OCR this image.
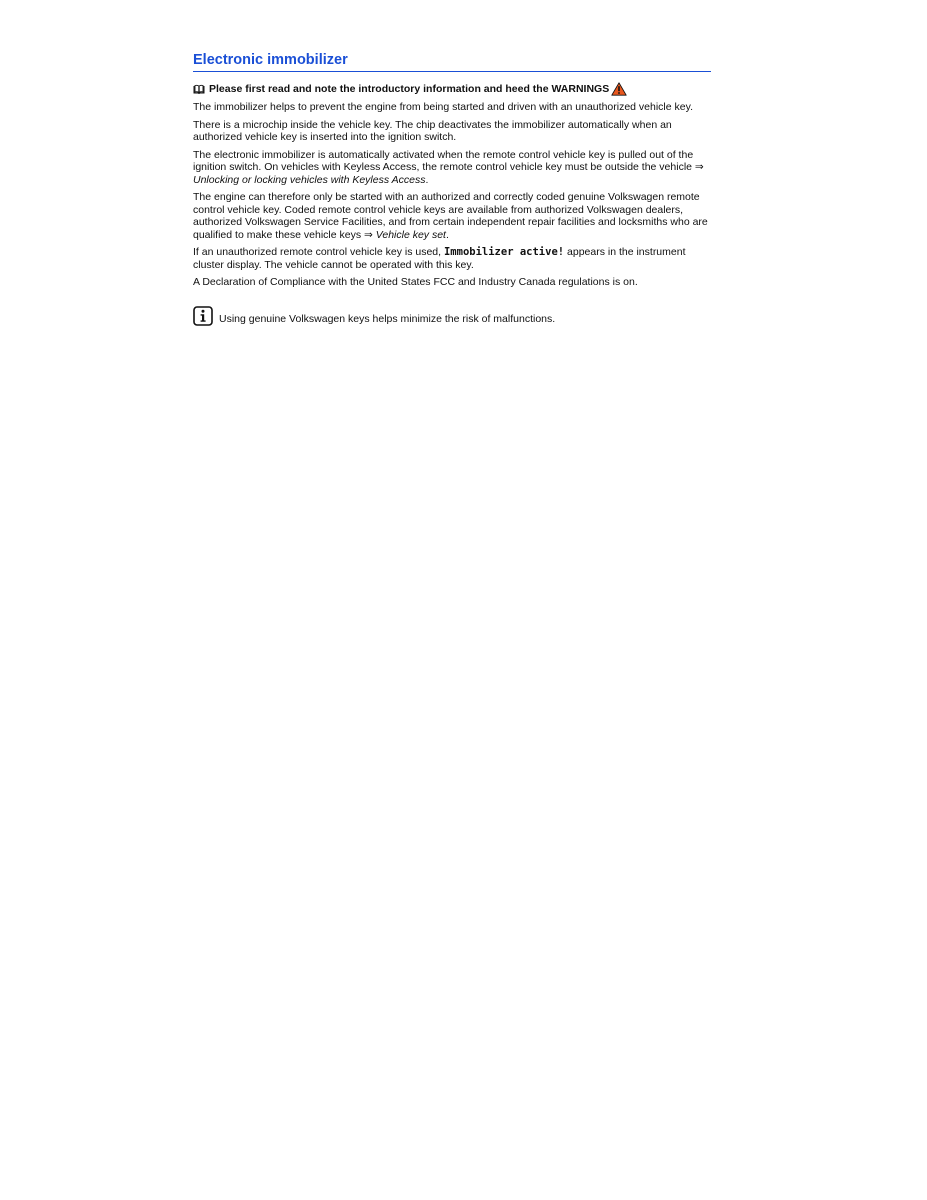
Electronic immobilizer
Please first read and note the introductory information and heed the WARNINGS

The immobilizer helps to prevent the engine from being started and driven with an unauthorized vehicle key.

There is a microchip inside the vehicle key. The chip deactivates the immobilizer automatically when an authorized vehicle key is inserted into the ignition switch.

The electronic immobilizer is automatically activated when the remote control vehicle key is pulled out of the ignition switch. On vehicles with Keyless Access, the remote control vehicle key must be outside the vehicle ⇒ Unlocking or locking vehicles with Keyless Access.

The engine can therefore only be started with an authorized and correctly coded genuine Volkswagen remote control vehicle key. Coded remote control vehicle keys are available from authorized Volkswagen dealers, authorized Volkswagen Service Facilities, and from certain independent repair facilities and locksmiths who are qualified to make these vehicle keys ⇒ Vehicle key set.

If an unauthorized remote control vehicle key is used, Immobilizer active! appears in the instrument cluster display. The vehicle cannot be operated with this key.

A Declaration of Compliance with the United States FCC and Industry Canada regulations is on.

Using genuine Volkswagen keys helps minimize the risk of malfunctions.
